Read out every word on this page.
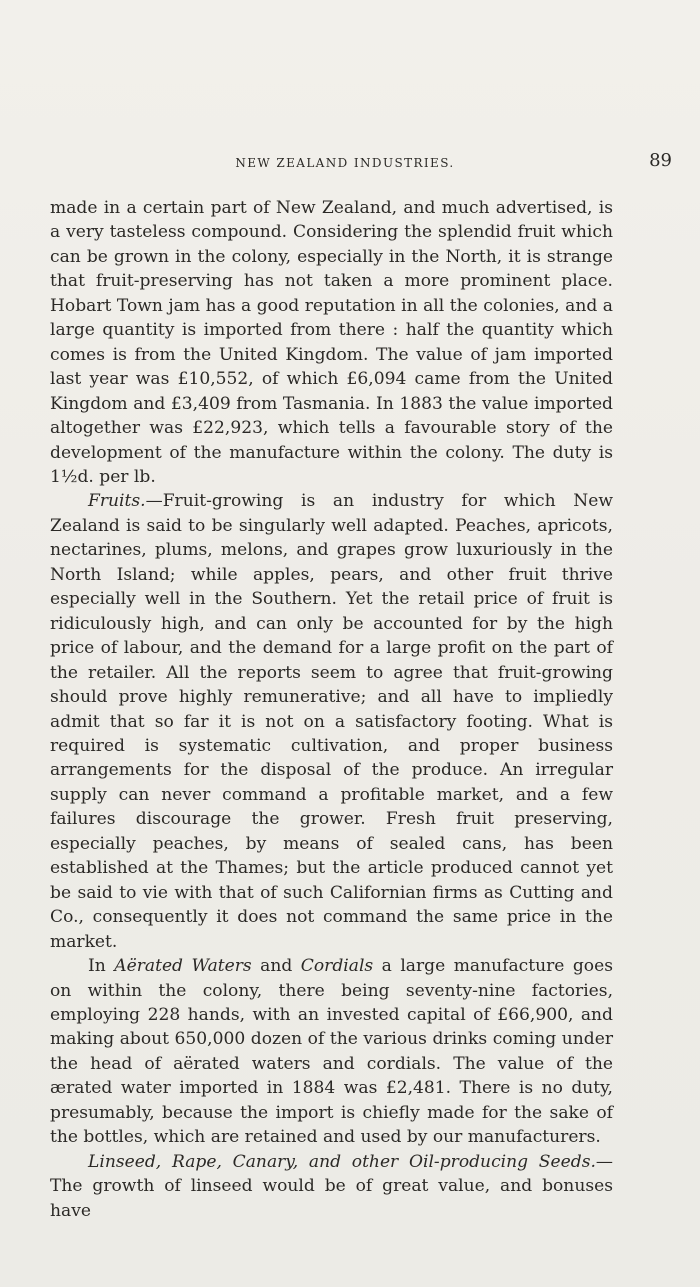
NEW ZEALAND INDUSTRIES.	89

made in a certain part of New Zealand, and much advertised, is a very tasteless compound. Considering the splendid fruit which can be grown in the colony, especially in the North, it is strange that fruit-preserving has not taken a more prominent place. Hobart Town jam has a good reputation in all the colonies, and a large quantity is imported from there : half the quantity which comes is from the United Kingdom. The value of jam imported last year was £10,552, of which £6,094 came from the United Kingdom and £3,409 from Tasmania. In 1883 the value imported altogether was £22,923, which tells a favourable story of the development of the manufacture within the colony. The duty is 1½d. per lb.

Fruits.—Fruit-growing is an industry for which New Zealand is said to be singularly well adapted. Peaches, apricots, nectarines, plums, melons, and grapes grow luxuriously in the North Island; while apples, pears, and other fruit thrive especially well in the Southern. Yet the retail price of fruit is ridiculously high, and can only be accounted for by the high price of labour, and the demand for a large profit on the part of the retailer. All the reports seem to agree that fruit-growing should prove highly remunerative; and all have to impliedly admit that so far it is not on a satisfactory footing. What is required is systematic cultivation, and proper business arrangements for the disposal of the produce. An irregular supply can never command a profitable market, and a few failures discourage the grower. Fresh fruit preserving, especially peaches, by means of sealed cans, has been established at the Thames; but the article produced cannot yet be said to vie with that of such Californian firms as Cutting and Co., consequently it does not command the same price in the market.

In Aërated Waters and Cordials a large manufacture goes on within the colony, there being seventy-nine factories, employing 228 hands, with an invested capital of £66,900, and making about 650,000 dozen of the various drinks coming under the head of aërated waters and cordials. The value of the ærated water imported in 1884 was £2,481. There is no duty, presumably, because the import is chiefly made for the sake of the bottles, which are retained and used by our manufacturers.

Linseed, Rape, Canary, and other Oil-producing Seeds.—The growth of linseed would be of great value, and bonuses have
